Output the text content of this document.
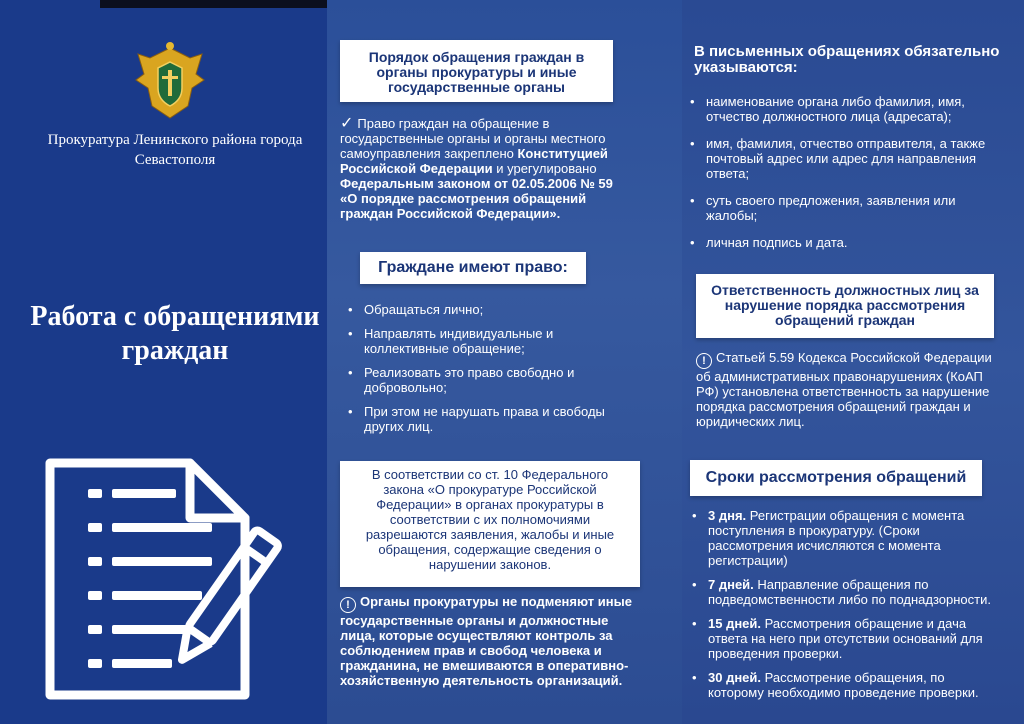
Прокуратура Ленинского района города Севастополя
Работа с обращениями граждан
Порядок обращения граждан в органы прокуратуры и иные государственные органы
✓ Право граждан на обращение в государственные органы и органы местного самоуправления закреплено Конституцией Российской Федерации и урегулировано Федеральным законом от 02.05.2006 № 59 «О порядке рассмотрения обращений граждан Российской Федерации».
Граждане имеют право:
• Обращаться лично;
• Направлять индивидуальные и коллективные обращение;
• Реализовать это право свободно и добровольно;
• При этом не нарушать права и свободы других лиц.
В соответствии со ст. 10 Федерального закона «О прокуратуре Российской Федерации» в органах прокуратуры в соответствии с их полномочиями разрешаются заявления, жалобы и иные обращения, содержащие сведения о нарушении законов.
! Органы прокуратуры не подменяют иные государственные органы и должностные лица, которые осуществляют контроль за соблюдением прав и свобод человека и гражданина, не вмешиваются в оперативно-хозяйственную деятельность организаций.
В письменных обращениях обязательно указываются:
• наименование органа либо фамилия, имя, отчество должностного лица (адресата);
• имя, фамилия, отчество отправителя, а также почтовый адрес или адрес для направления ответа;
• суть своего предложения, заявления или жалобы;
• личная подпись и дата.
Ответственность должностных лиц за нарушение порядка рассмотрения обращений граждан
! Статьей 5.59 Кодекса Российской Федерации об административных правонарушениях (КоАП РФ) установлена ответственность за нарушение порядка рассмотрения обращений граждан и юридических лиц.
Сроки рассмотрения обращений
• 3 дня. Регистрации обращения с момента поступления в прокуратуру. (Сроки рассмотрения исчисляются с момента регистрации)
• 7 дней. Направление обращения по подведомственности либо по поднадзорности.
• 15 дней. Рассмотрения обращение и дача ответа на него при отсутствии оснований для проведения проверки.
• 30 дней. Рассмотрение обращения, по которому необходимо проведение проверки.
